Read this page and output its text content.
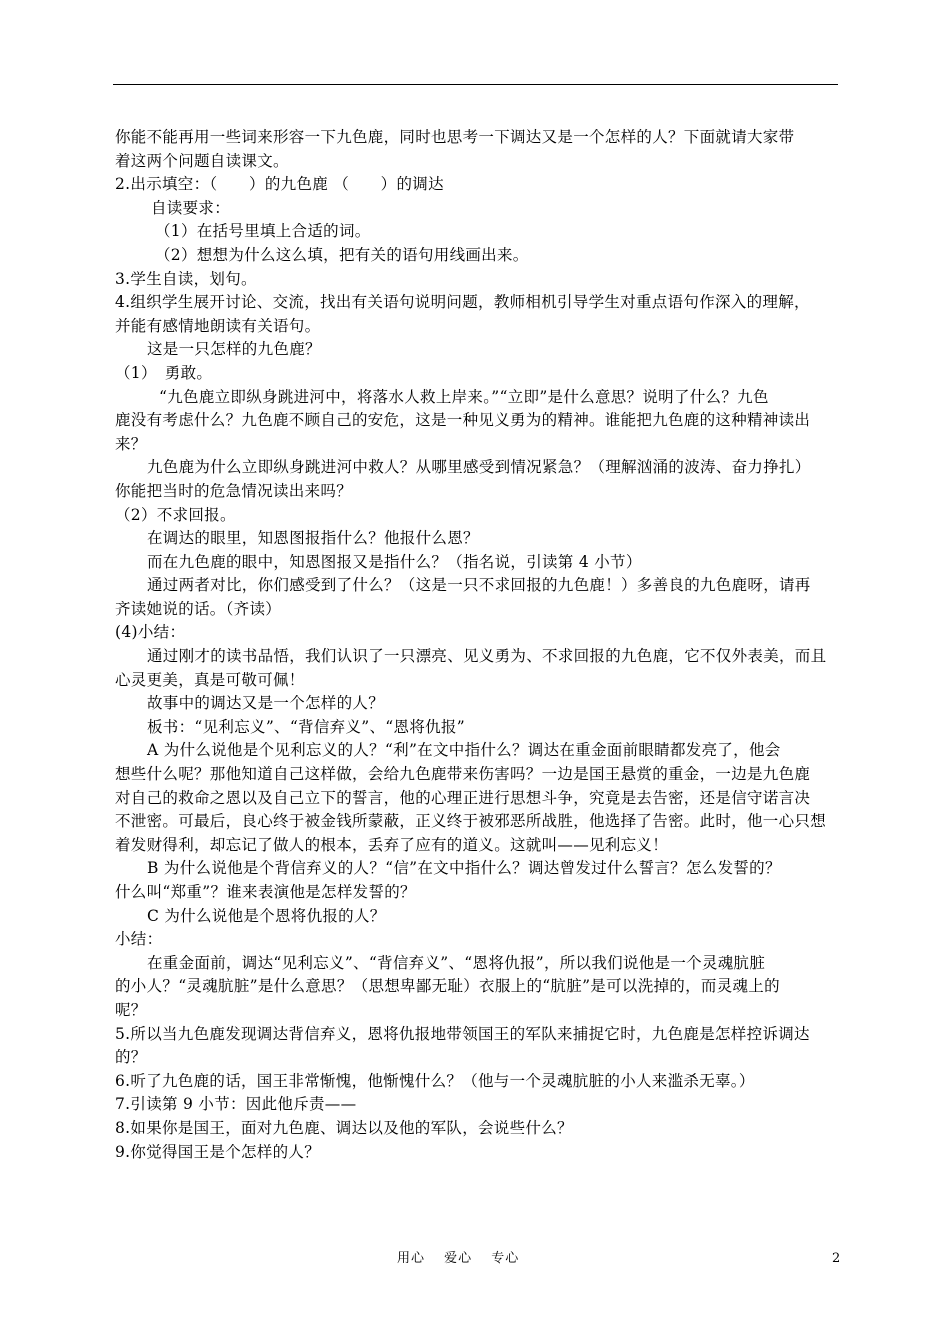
你能不能再用一些词来形容一下九色鹿，同时也思考一下调达又是一个怎样的人？下面就请大家带
着这两个问题自读课文。
2.出示填空：（　　）的九色鹿 （　　）的调达
自读要求：
（1）在括号里填上合适的词。
（2）想想为什么这么填，把有关的语句用线画出来。
3.学生自读，划句。
4.组织学生展开讨论、交流，找出有关语句说明问题，教师相机引导学生对重点语句作深入的理解，
并能有感情地朗读有关语句。
这是一只怎样的九色鹿？
（1）　勇敢。
“九色鹿立即纵身跳进河中，将落水人救上岸来。”“立即”是什么意思？说明了什么？九色
鹿没有考虑什么？九色鹿不顾自己的安危，这是一种见义勇为的精神。谁能把九色鹿的这种精神读出
来？
九色鹿为什么立即纵身跳进河中救人？从哪里感受到情况紧急？（理解汹涌的波涛、奋力挣扎）
你能把当时的危急情况读出来吗？
（2）不求回报。
在调达的眼里，知恩图报指什么？他报什么恩？
而在九色鹿的眼中，知恩图报又是指什么？（指名说，引读第 4 小节）
通过两者对比，你们感受到了什么？（这是一只不求回报的九色鹿！）多善良的九色鹿呀，请再
齐读她说的话。（齐读）
(4)小结：
通过刚才的读书品悟，我们认识了一只漂亮、见义勇为、不求回报的九色鹿，它不仅外表美，而且
心灵更美，真是可敬可佩！
故事中的调达又是一个怎样的人？
板书：“见利忘义”、“背信弃义”、“恩将仇报”
A 为什么说他是个见利忘义的人？“利”在文中指什么？调达在重金面前眼睛都发亮了，他会
想些什么呢？那他知道自己这样做，会给九色鹿带来伤害吗？一边是国王悬赏的重金，一边是九色鹿
对自己的救命之恩以及自己立下的誓言，他的心理正进行思想斗争，究竟是去告密，还是信守诺言决
不泄密。可最后，良心终于被金钱所蒙蔽，正义终于被邪恶所战胜，他选择了告密。此时，他一心只想
着发财得利，却忘记了做人的根本，丢弃了应有的道义。这就叫——见利忘义！
B 为什么说他是个背信弃义的人？“信”在文中指什么？调达曾发过什么誓言？怎么发誓的？
什么叫“郑重”？谁来表演他是怎样发誓的？
C 为什么说他是个恩将仇报的人？
小结：
在重金面前，调达“见利忘义”、“背信弃义”、“恩将仇报”，所以我们说他是一个灵魂肮脏
的小人？“灵魂肮脏”是什么意思？（思想卑鄙无耻）衣服上的“肮脏”是可以洗掉的，而灵魂上的
呢？
5.所以当九色鹿发现调达背信弃义，恩将仇报地带领国王的军队来捕捉它时，九色鹿是怎样控诉调达
的？
6.听了九色鹿的话，国王非常惭愧，他惭愧什么？（他与一个灵魂肮脏的小人来滥杀无辜。）
7.引读第 9 小节：因此他斥责——
8.如果你是国王，面对九色鹿、调达以及他的军队，会说些什么？
9.你觉得国王是个怎样的人？
用心　 爱心　 专心	2
